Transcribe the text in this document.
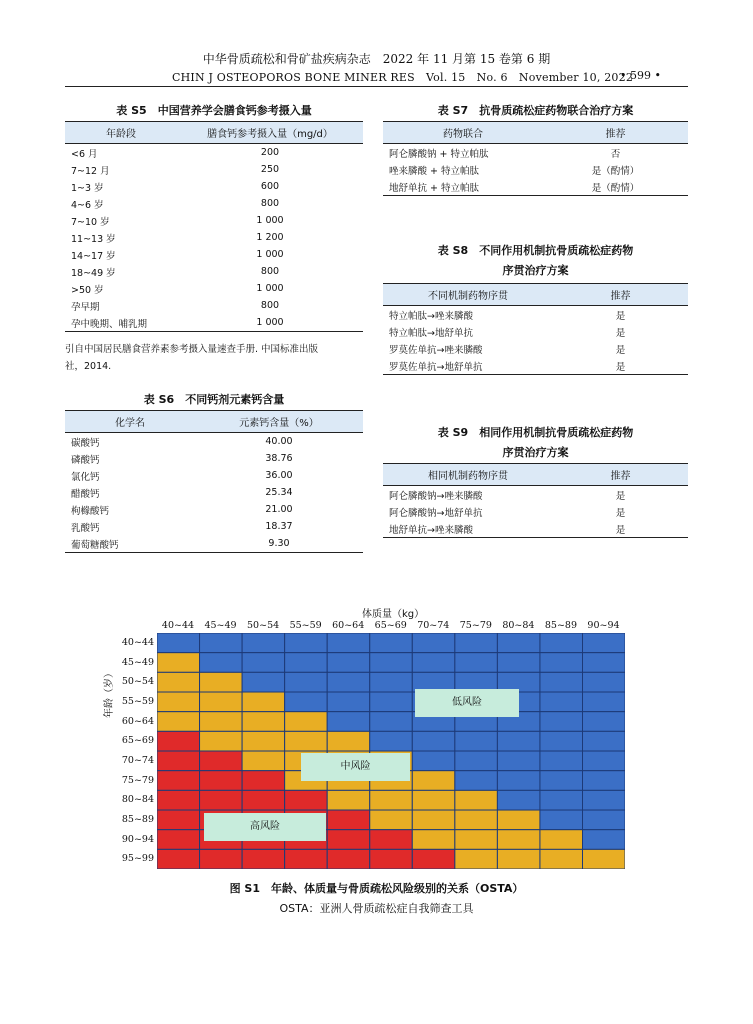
中华骨质疏松和骨矿盐疾病杂志　2022 年 11 月第 15 卷第 6 期
CHIN J OSTEOPOROS BONE MINER RES　Vol. 15　No. 6　November 10, 2022
• 599 •
表 S5　中国营养学会膳食钙参考摄入量
年龄段	膳食钙参考摄入量（mg/d）
<6 月	200
7~12 月	250
1~3 岁	600
4~6 岁	800
7~10 岁	1 000
11~13 岁	1 200
14~17 岁	1 000
18~49 岁	800
>50 岁	1 000
孕早期	800
孕中晚期、哺乳期	1 000
引自中国居民膳食营养素参考摄入量速查手册. 中国标准出版
社，2014.
表 S6　不同钙剂元素钙含量
化学名	元素钙含量（%）
碳酸钙	40.00
磷酸钙	38.76
氯化钙	36.00
醋酸钙	25.34
枸橼酸钙	21.00
乳酸钙	18.37
葡萄糖酸钙	9.30
表 S7　抗骨质疏松症药物联合治疗方案
药物联合	推荐
阿仑膦酸钠 + 特立帕肽	否
唑来膦酸 + 特立帕肽	是（酌情）
地舒单抗 + 特立帕肽	是（酌情）
表 S8　不同作用机制抗骨质疏松症药物
序贯治疗方案
不同机制药物序贯	推荐
特立帕肽→唑来膦酸	是
特立帕肽→地舒单抗	是
罗莫佐单抗→唑来膦酸	是
罗莫佐单抗→地舒单抗	是
表 S9　相同作用机制抗骨质疏松症药物
序贯治疗方案
相同机制药物序贯	推荐
阿仑膦酸钠→唑来膦酸	是
阿仑膦酸钠→地舒单抗	是
地舒单抗→唑来膦酸	是
体质量（kg）
40~44	45~49	50~54	55~59	60~64	65~69	70~74	75~79	80~84	85~89	90~94
40~44
45~49
50~54
55~59
60~64
65~69
70~74
75~79
80~84
85~89
90~94
95~99
年龄（岁）	低风险
中风险
高风险
图 S1　年龄、体质量与骨质疏松风险级别的关系（OSTA）
OSTA：亚洲人骨质疏松症自我筛查工具
